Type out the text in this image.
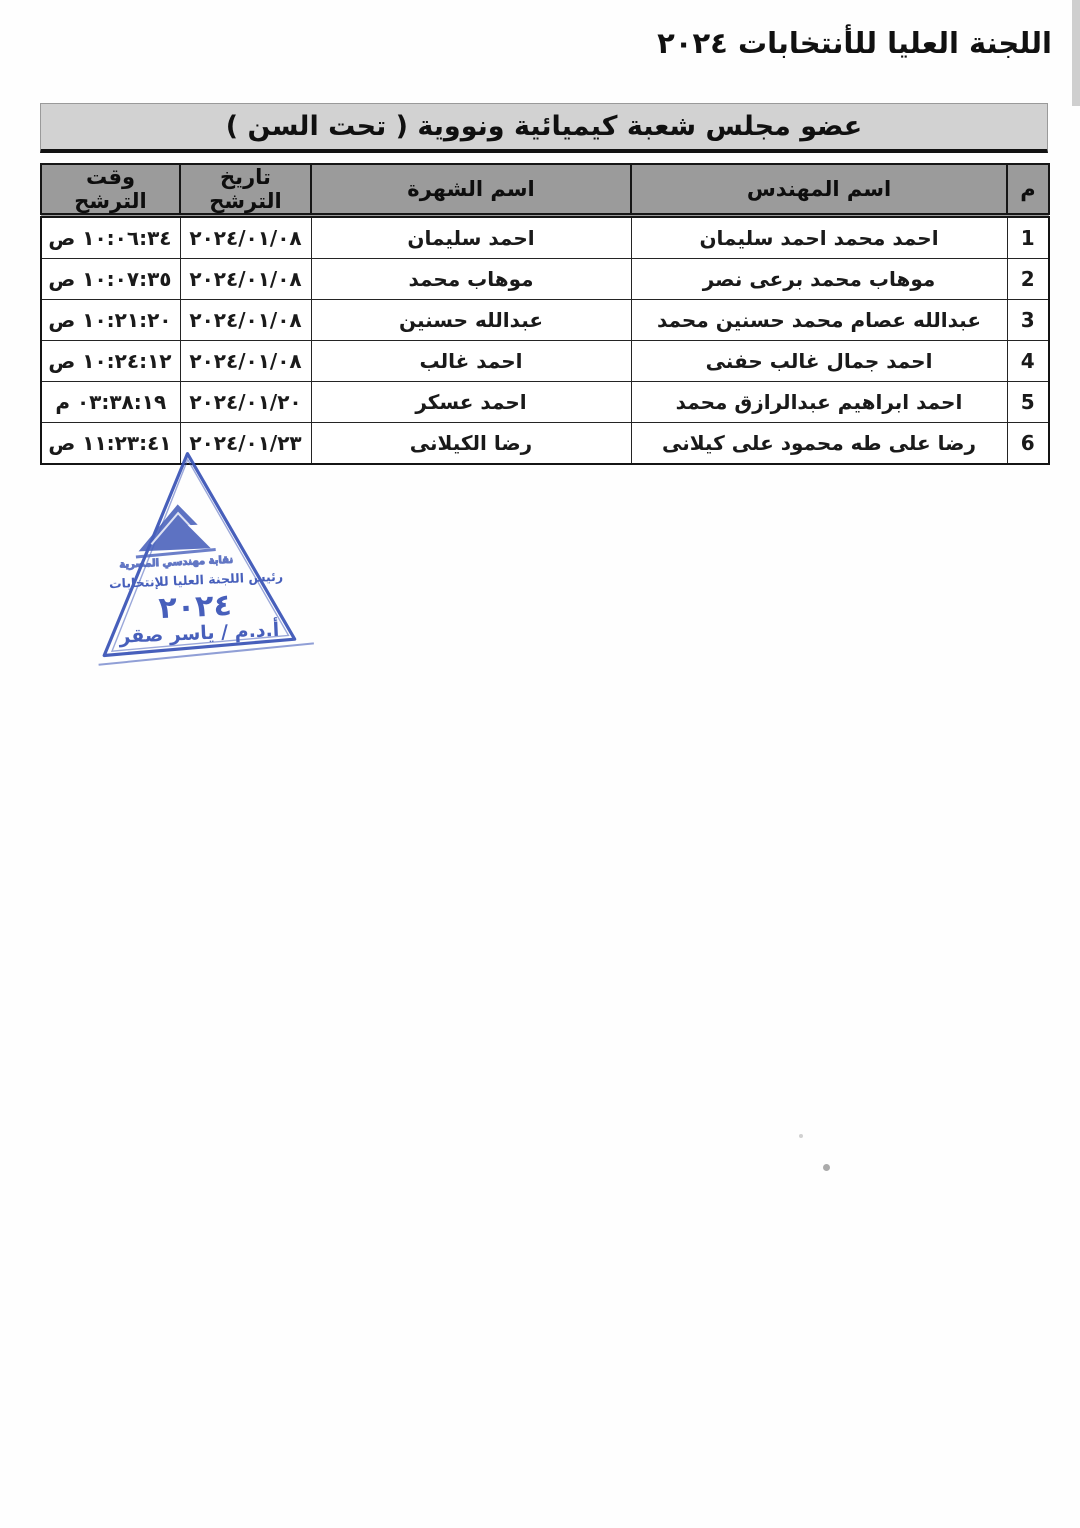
اللجنة العليا للأنتخابات ٢٠٢٤
عضو مجلس شعبة كيميائية ونووية ( تحت السن )
م	اسم المهندس	اسم الشهرة	تاريخ الترشح	وقت الترشح
1	احمد محمد احمد سليمان	احمد سليمان	٢٠٢٤/٠١/٠٨	١٠:٠٦:٣٤ ص
2	موهاب محمد برعى نصر	موهاب محمد	٢٠٢٤/٠١/٠٨	١٠:٠٧:٣٥ ص
3	عبدالله عصام محمد حسنين محمد	عبدالله حسنين	٢٠٢٤/٠١/٠٨	١٠:٢١:٢٠ ص
4	احمد جمال غالب حفنى	احمد غالب	٢٠٢٤/٠١/٠٨	١٠:٢٤:١٢ ص
5	احمد ابراهيم عبدالرازق محمد	احمد عسكر	٢٠٢٤/٠١/٢٠	٠٣:٣٨:١٩ م
6	رضا على طه محمود على كيلانى	رضا الكيلانى	٢٠٢٤/٠١/٢٣	١١:٢٣:٤١ ص
نقابة مهندسي المصرية
رئيس اللجنة العليا للإنتخابات
٢٠٢٤
أ.د.م / ياسر صقر
